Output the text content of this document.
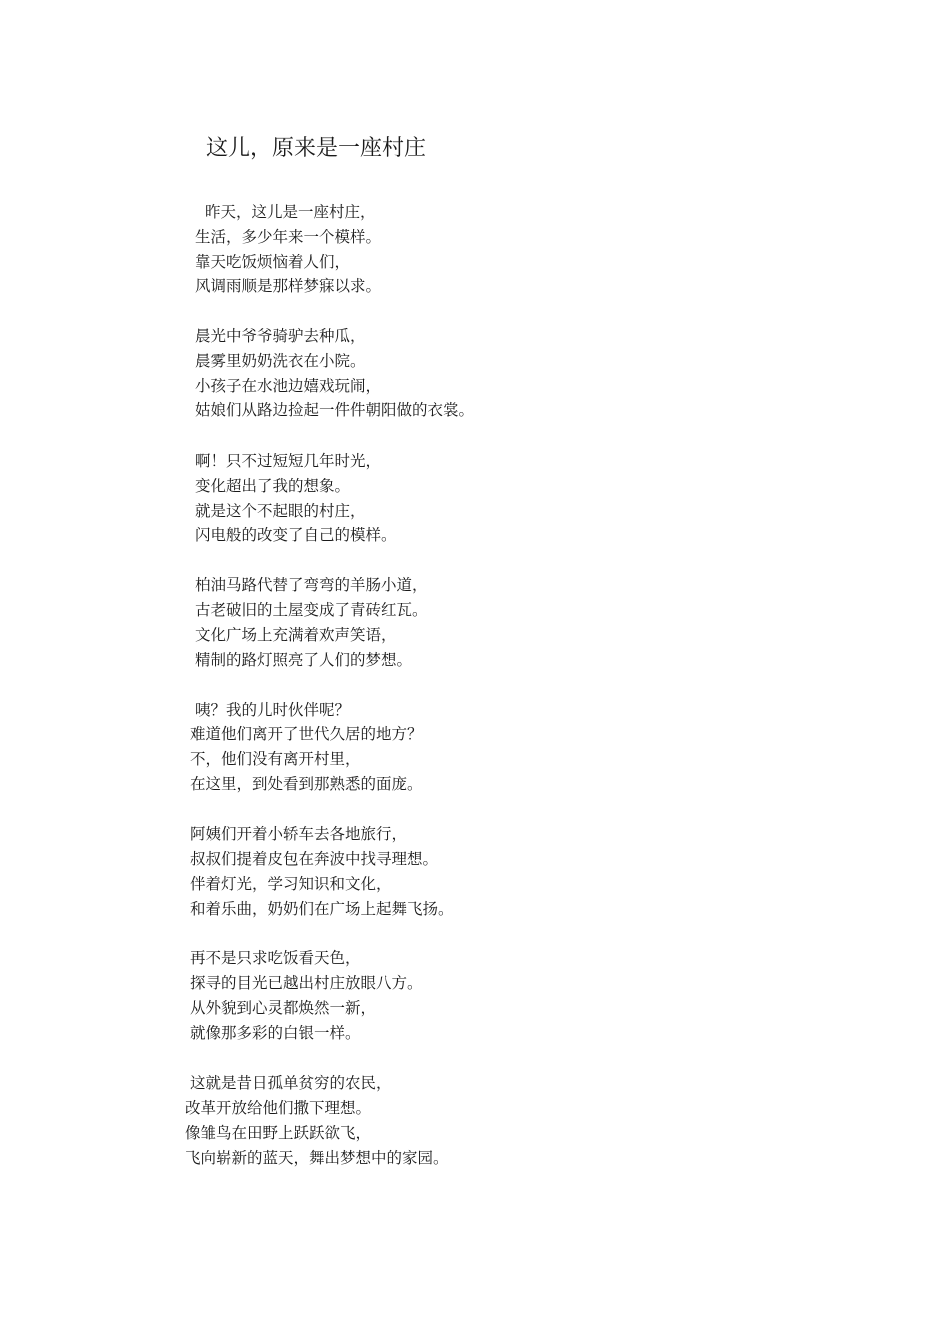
这儿，原来是一座村庄
昨天，这儿是一座村庄，
生活，多少年来一个模样。
靠天吃饭烦恼着人们，
风调雨顺是那样梦寐以求。
晨光中爷爷骑驴去种瓜，
晨雾里奶奶洗衣在小院。
小孩子在水池边嬉戏玩闹，
姑娘们从路边捡起一件件朝阳做的衣裳。
啊！只不过短短几年时光，
变化超出了我的想象。
就是这个不起眼的村庄，
闪电般的改变了自己的模样。
柏油马路代替了弯弯的羊肠小道，
古老破旧的土屋变成了青砖红瓦。
文化广场上充满着欢声笑语，
精制的路灯照亮了人们的梦想。
咦？我的儿时伙伴呢？
难道他们离开了世代久居的地方？
不，他们没有离开村里，
在这里，到处看到那熟悉的面庞。
阿姨们开着小轿车去各地旅行，
叔叔们提着皮包在奔波中找寻理想。
伴着灯光，学习知识和文化，
和着乐曲，奶奶们在广场上起舞飞扬。
再不是只求吃饭看天色，
探寻的目光已越出村庄放眼八方。
从外貌到心灵都焕然一新，
就像那多彩的白银一样。
这就是昔日孤单贫穷的农民，
改革开放给他们撒下理想。
像雏鸟在田野上跃跃欲飞，
飞向崭新的蓝天，舞出梦想中的家园。
